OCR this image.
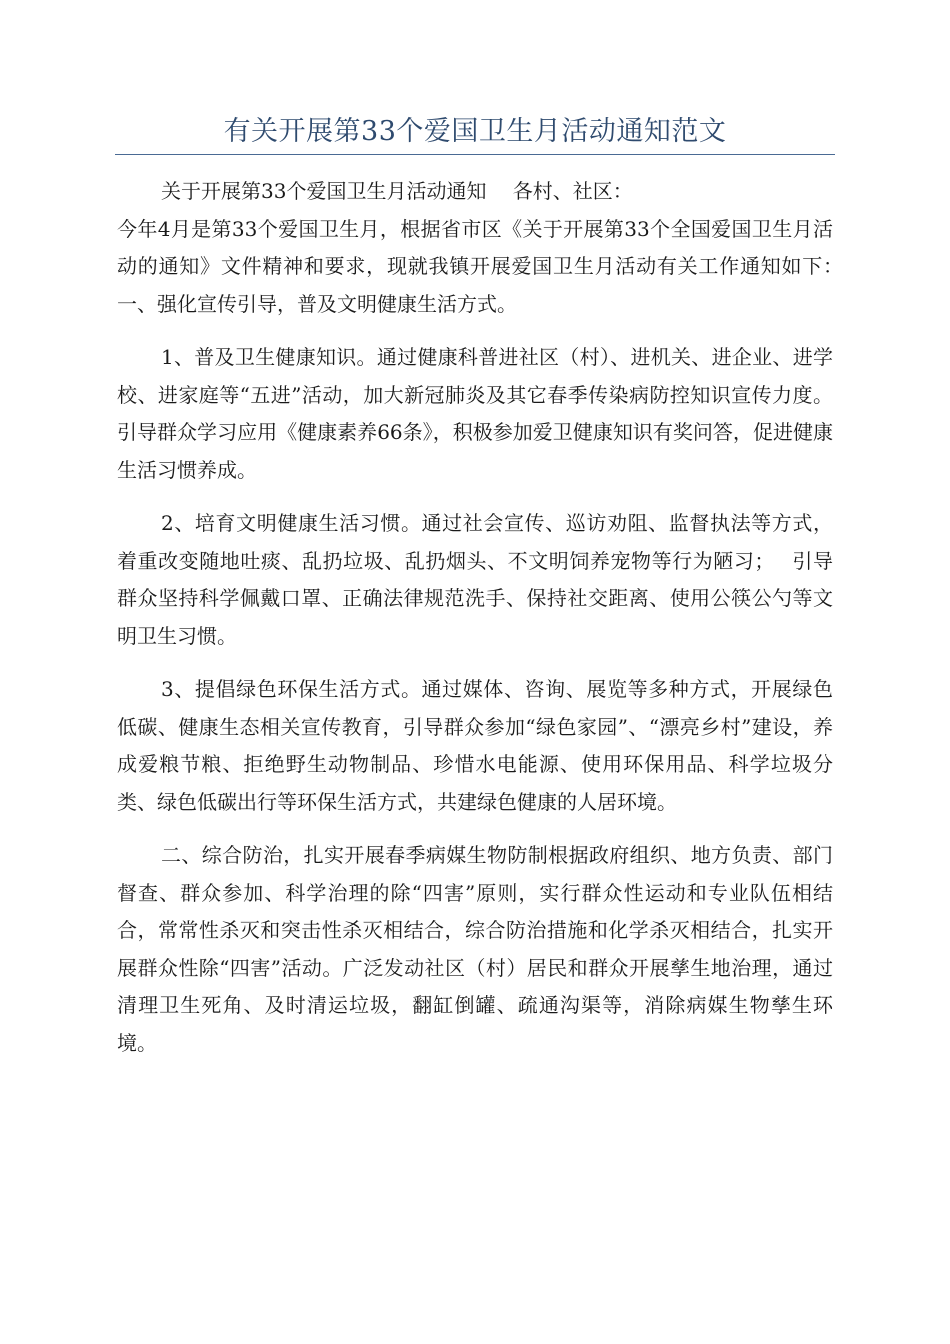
有关开展第33个爱国卫生月活动通知范文

关于开展第33个爱国卫生月活动通知　 各村、社区：

今年4月是第33个爱国卫生月，根据省市区《关于开展第33个全国爱国卫生月活动的通知》文件精神和要求，现就我镇开展爱国卫生月活动有关工作通知如下：　 一、强化宣传引导，普及文明健康生活方式。

1、普及卫生健康知识。通过健康科普进社区（村）、进机关、进企业、进学校、进家庭等“五进”活动，加大新冠肺炎及其它春季传染病防控知识宣传力度。引导群众学习应用《健康素养66条》，积极参加爱卫健康知识有奖问答，促进健康生活习惯养成。

2、培育文明健康生活习惯。通过社会宣传、巡访劝阻、监督执法等方式，着重改变随地吐痰、乱扔垃圾、乱扔烟头、不文明饲养宠物等行为陋习；　 引导群众坚持科学佩戴口罩、正确法律规范洗手、保持社交距离、使用公筷公勺等文明卫生习惯。

3、提倡绿色环保生活方式。通过媒体、咨询、展览等多种方式，开展绿色低碳、健康生态相关宣传教育，引导群众参加“绿色家园”、“漂亮乡村”建设，养成爱粮节粮、拒绝野生动物制品、珍惜水电能源、使用环保用品、科学垃圾分类、绿色低碳出行等环保生活方式，共建绿色健康的人居环境。

二、综合防治，扎实开展春季病媒生物防制根据政府组织、地方负责、部门督查、群众参加、科学治理的除“四害”原则，实行群众性运动和专业队伍相结合，常常性杀灭和突击性杀灭相结合，综合防治措施和化学杀灭相结合，扎实开展群众性除“四害”活动。广泛发动社区（村）居民和群众开展孳生地治理，通过清理卫生死角、及时清运垃圾，翻缸倒罐、疏通沟渠等，消除病媒生物孳生环境。
